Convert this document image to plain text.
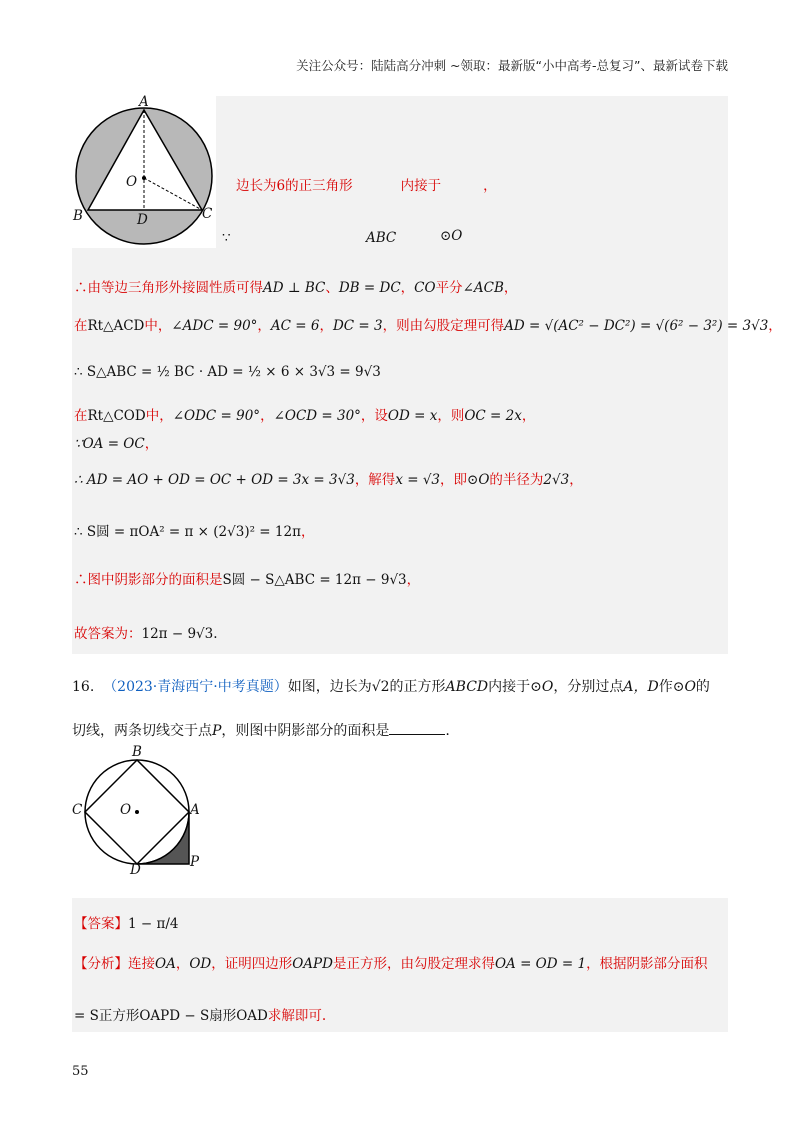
关注公众号：陆陆高分冲刺 ~领取：最新版“小中高考-总复习”、最新试卷下载
A
O
B	D	C
边长为6的正三角形	内接于	，
∵	ABC	⊙O
∴由等边三角形外接圆性质可得AD ⊥ BC、DB = DC，CO平分∠ACB，
在Rt△ACD中，∠ADC = 90°，AC = 6，DC = 3，则由勾股定理可得AD = √(AC² − DC²) = √(6² − 3²) = 3√3，
∴ S△ABC = ½ BC · AD = ½ × 6 × 3√3 = 9√3
在Rt△COD中，∠ODC = 90°，∠OCD = 30°，设OD = x，则OC = 2x，
∵OA = OC，
∴ AD = AO + OD = OC + OD = 3x = 3√3，解得x = √3，即⊙O的半径为2√3，
∴ S圆 = πOA² = π × (2√3)² = 12π，
∴图中阴影部分的面积是S圆 − S△ABC = 12π − 9√3，
故答案为：12π − 9√3.
16. （2023·青海西宁·中考真题）如图，边长为√2的正方形ABCD内接于⊙O，分别过点A，D作⊙O的
切线，两条切线交于点P，则图中阴影部分的面积是	.
B
C	O	A
P
D
【答案】1 − π/4
【分析】连接OA，OD，证明四边形OAPD是正方形，由勾股定理求得OA = OD = 1，根据阴影部分面积
= S正方形OAPD − S扇形OAD求解即可.
55
